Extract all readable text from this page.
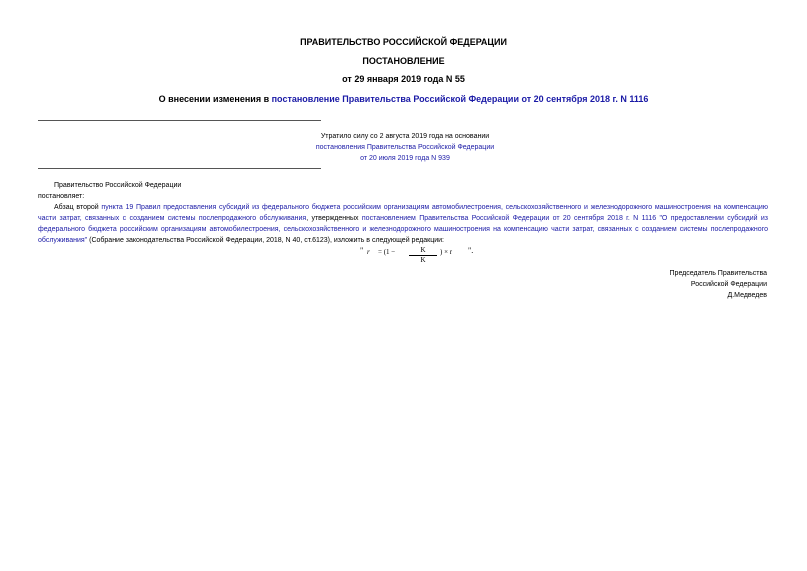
ПРАВИТЕЛЬСТВО РОССИЙСКОЙ ФЕДЕРАЦИИ
ПОСТАНОВЛЕНИЕ
от 29 января 2019 года N 55
О внесении изменения в постановление Правительства Российской Федерации от 20 сентября 2018 г. N 1116
Утратило силу со 2 августа 2019 года на основании
постановления Правительства Российской Федерации
от 20 июля 2019 года N 939
Правительство Российской Федерации
постановляет:
Абзац второй пункта 19 Правил предоставления субсидий из федерального бюджета российским организациям автомобилестроения, сельскохозяйственного и железнодорожного машиностроения на компенсацию части затрат, связанных с созданием системы послепродажного обслуживания, утвержденных постановлением Правительства Российской Федерации от 20 сентября 2018 г. N 1116 "О предоставлении субсидий из федерального бюджета российским организациям автомобилестроения, сельскохозяйственного и железнодорожного машиностроения на компенсацию части затрат, связанных с созданием системы послепродажного обслуживания" (Собрание законодательства Российской Федерации, 2018, N 40, ст.6123), изложить в следующей редакции:
" r = (1 −	K
K
) × r ".
Председатель Правительства
Российской Федерации
Д.Медведев
